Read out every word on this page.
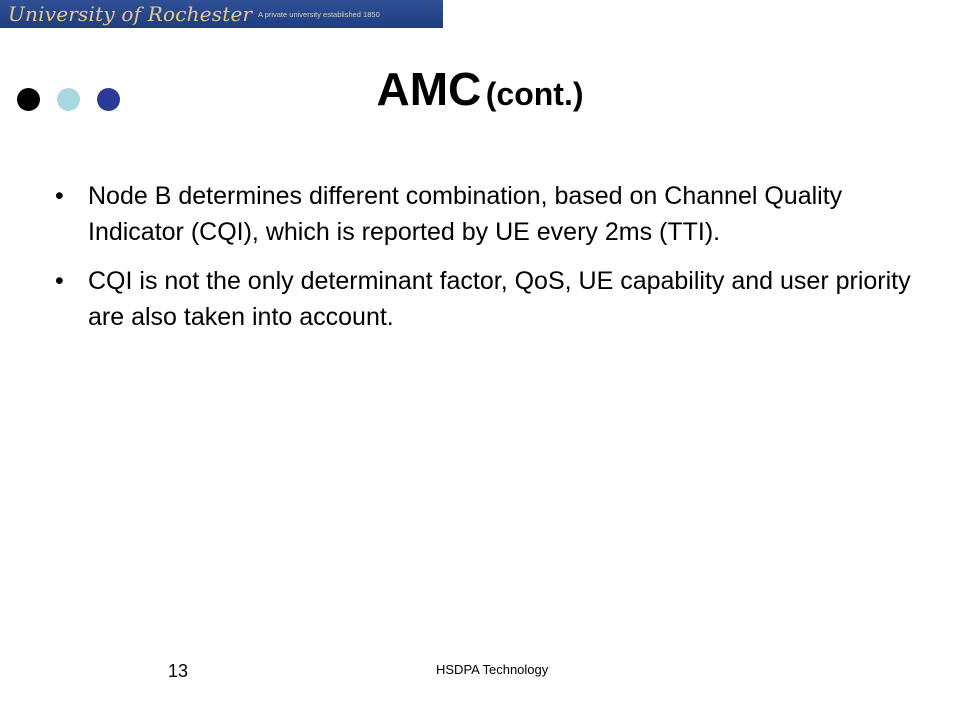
University of Rochester A private university established 1850
AMC (cont.)
• Node B determines different combination, based on Channel Quality Indicator (CQI), which is reported by UE every 2ms (TTI).
• CQI is not the only determinant factor, QoS, UE capability and user priority are also taken into account.
13	HSDPA Technology
